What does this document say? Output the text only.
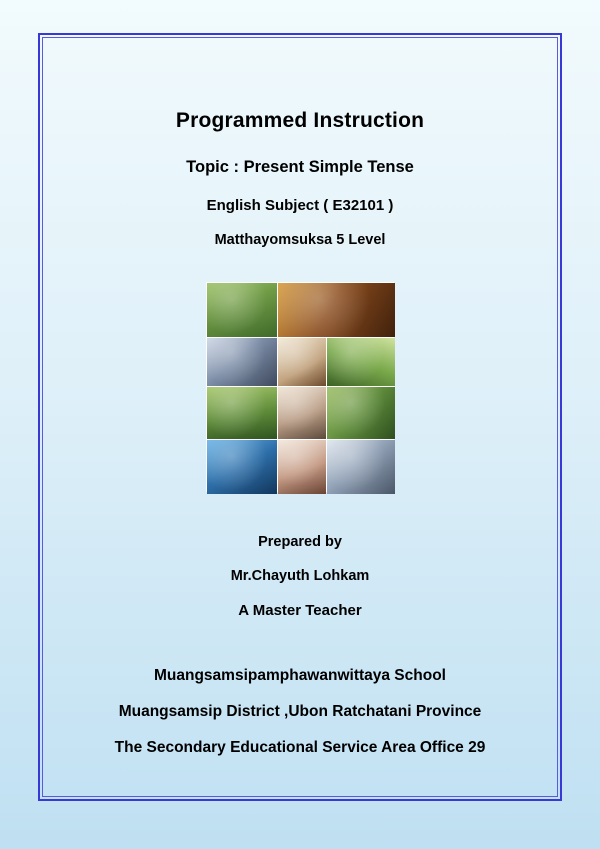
Programmed Instruction
Topic : Present Simple Tense
English Subject ( E32101 )
Matthayomsuksa 5 Level
Prepared by
Mr.Chayuth Lohkam
A Master Teacher
Muangsamsipamphawanwittaya School
Muangsamsip District ,Ubon Ratchatani Province
The Secondary Educational Service Area Office 29
